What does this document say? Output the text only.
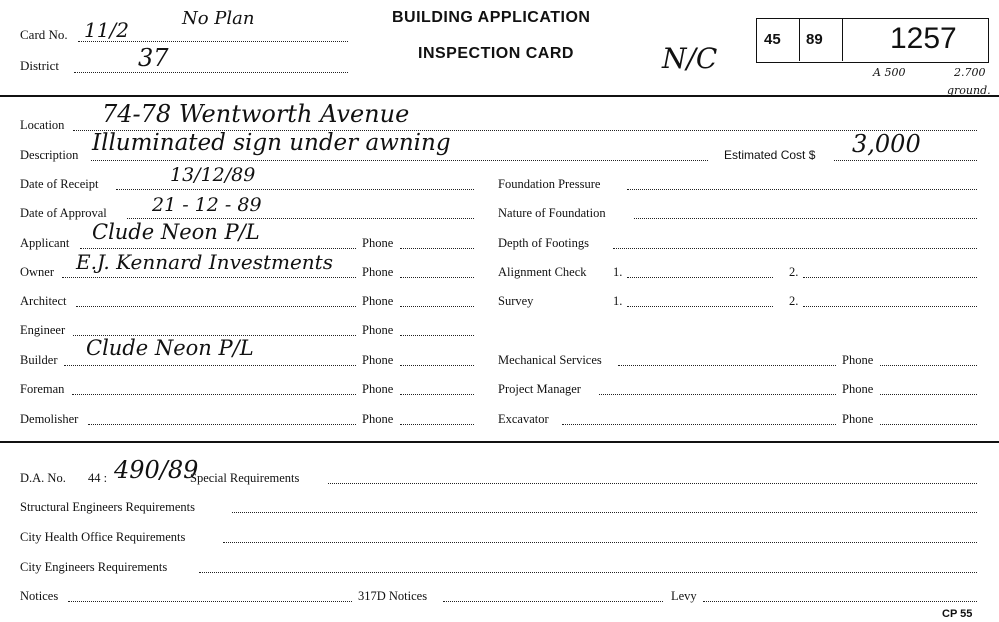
Card No. 11/2	No Plan
District	37
BUILDING APPLICATION
INSPECTION CARD	N/C
45 89 1257
A 500	2.700
ground.
Location 74-78 Wentworth Avenue
Description Illuminated sign under awning	Estimated Cost $ 3,000
Date of Receipt	13/12/89
Date of Approval 21 - 12 - 89
Applicant Clude Neon P/L	Phone
Owner E.J. Kennard Investments Phone
Architect	Phone
Engineer	Phone
Builder Clude Neon P/L	Phone
Foreman	Phone
Demolisher	Phone
Foundation Pressure
Nature of Foundation
Depth of Footings
Alignment Check 1.	2.
Survey	1.	2.
Mechanical Services	Phone
Project Manager	Phone
Excavator	Phone
D.A. No. 44 : 490/89
Special Requirements
Structural Engineers Requirements
City Health Office Requirements
City Engineers Requirements
Notices	317D Notices	Levy
CP 55
